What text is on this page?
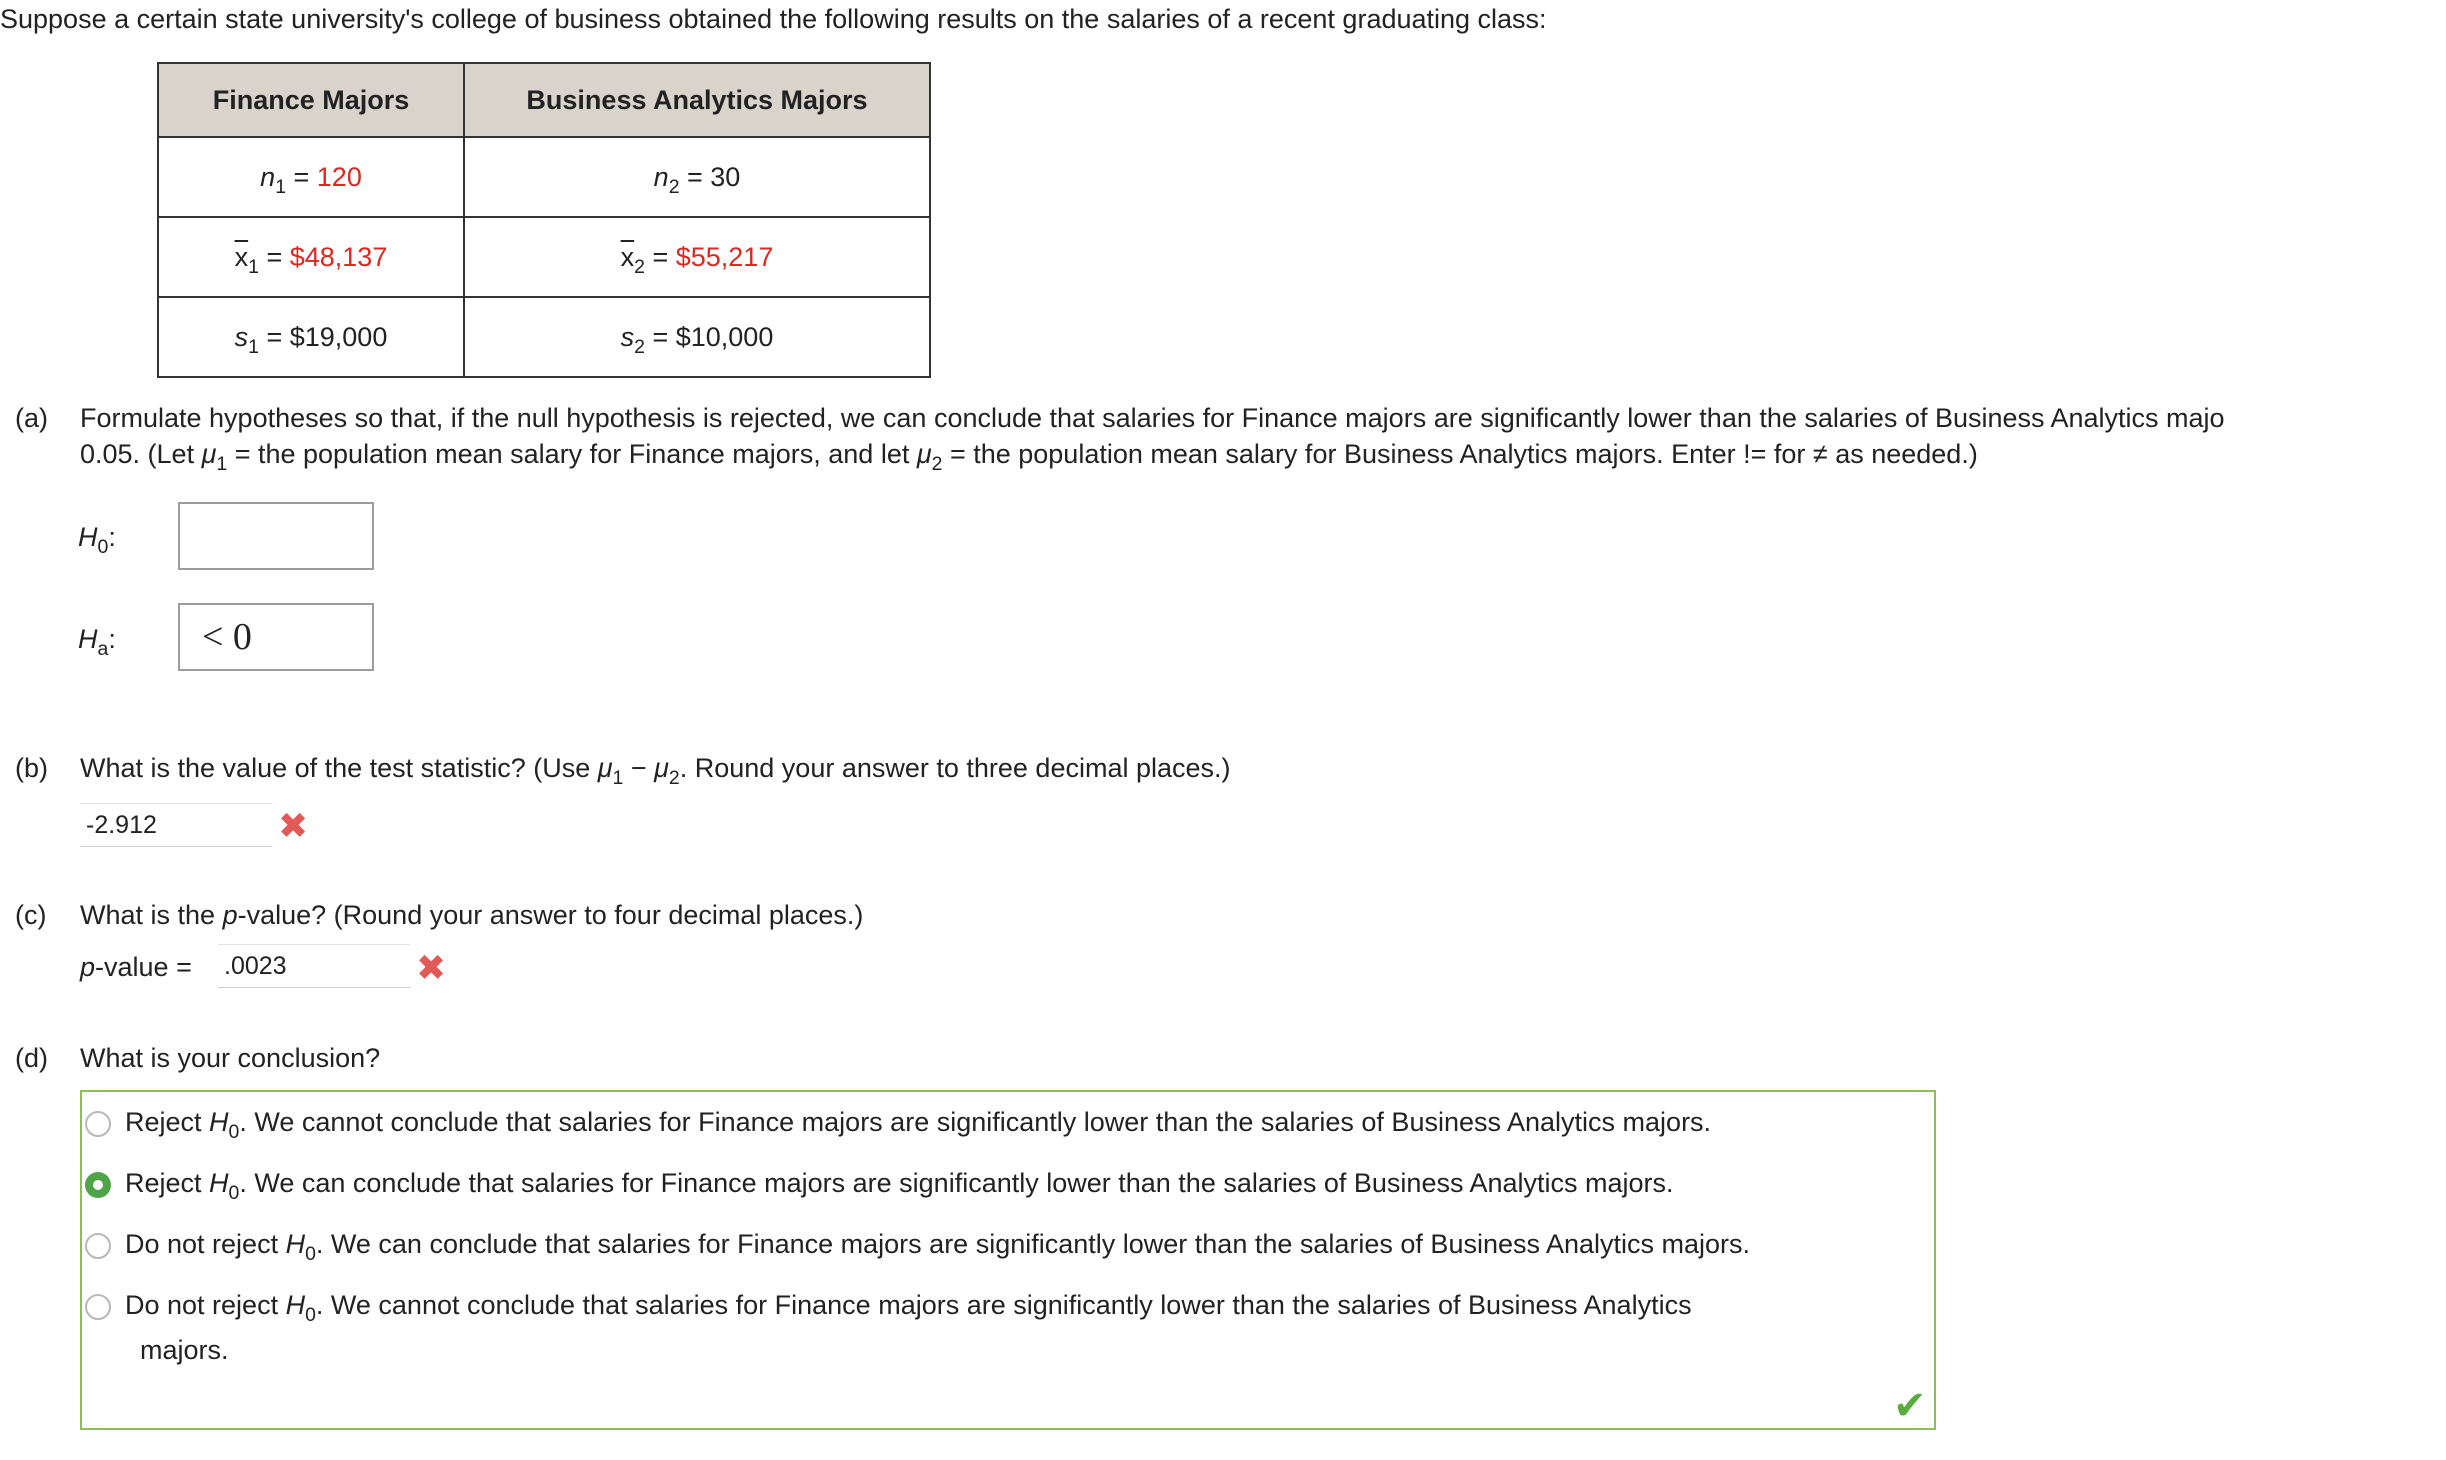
Suppose a certain state university's college of business obtained the following results on the salaries of a recent graduating class:
Finance Majors	Business Analytics Majors
$n_1 = 120$	$n_2 = 30$
$\overline{x}_1$ = $48,137	$\overline{x}_2$ = $55,217
$s_1$ = $19,000	$s_2$ = $10,000
(a) Formulate hypotheses so that, if the null hypothesis is rejected, we can conclude that salaries for Finance majors are significantly lower than the salaries of Business Analytics majo
0.05. (Let $\mu_1$ = the population mean salary for Finance majors, and let $\mu_2$ = the population mean salary for Business Analytics majors. Enter != for ≠ as needed.)
$H_0$:
$H_a$:	< 0
(b) What is the value of the test statistic? (Use $\mu_1 - \mu_2$. Round your answer to three decimal places.)
-2.912	✖
(c) What is the p-value? (Round your answer to four decimal places.)
p-value = .0023	✖
(d) What is your conclusion?
Reject $H_0$. We cannot conclude that salaries for Finance majors are significantly lower than the salaries of Business Analytics majors.
Reject $H_0$. We can conclude that salaries for Finance majors are significantly lower than the salaries of Business Analytics majors.
Do not reject $H_0$. We can conclude that salaries for Finance majors are significantly lower than the salaries of Business Analytics majors.
Do not reject $H_0$. We cannot conclude that salaries for Finance majors are significantly lower than the salaries of Business Analytics
majors.
✔
